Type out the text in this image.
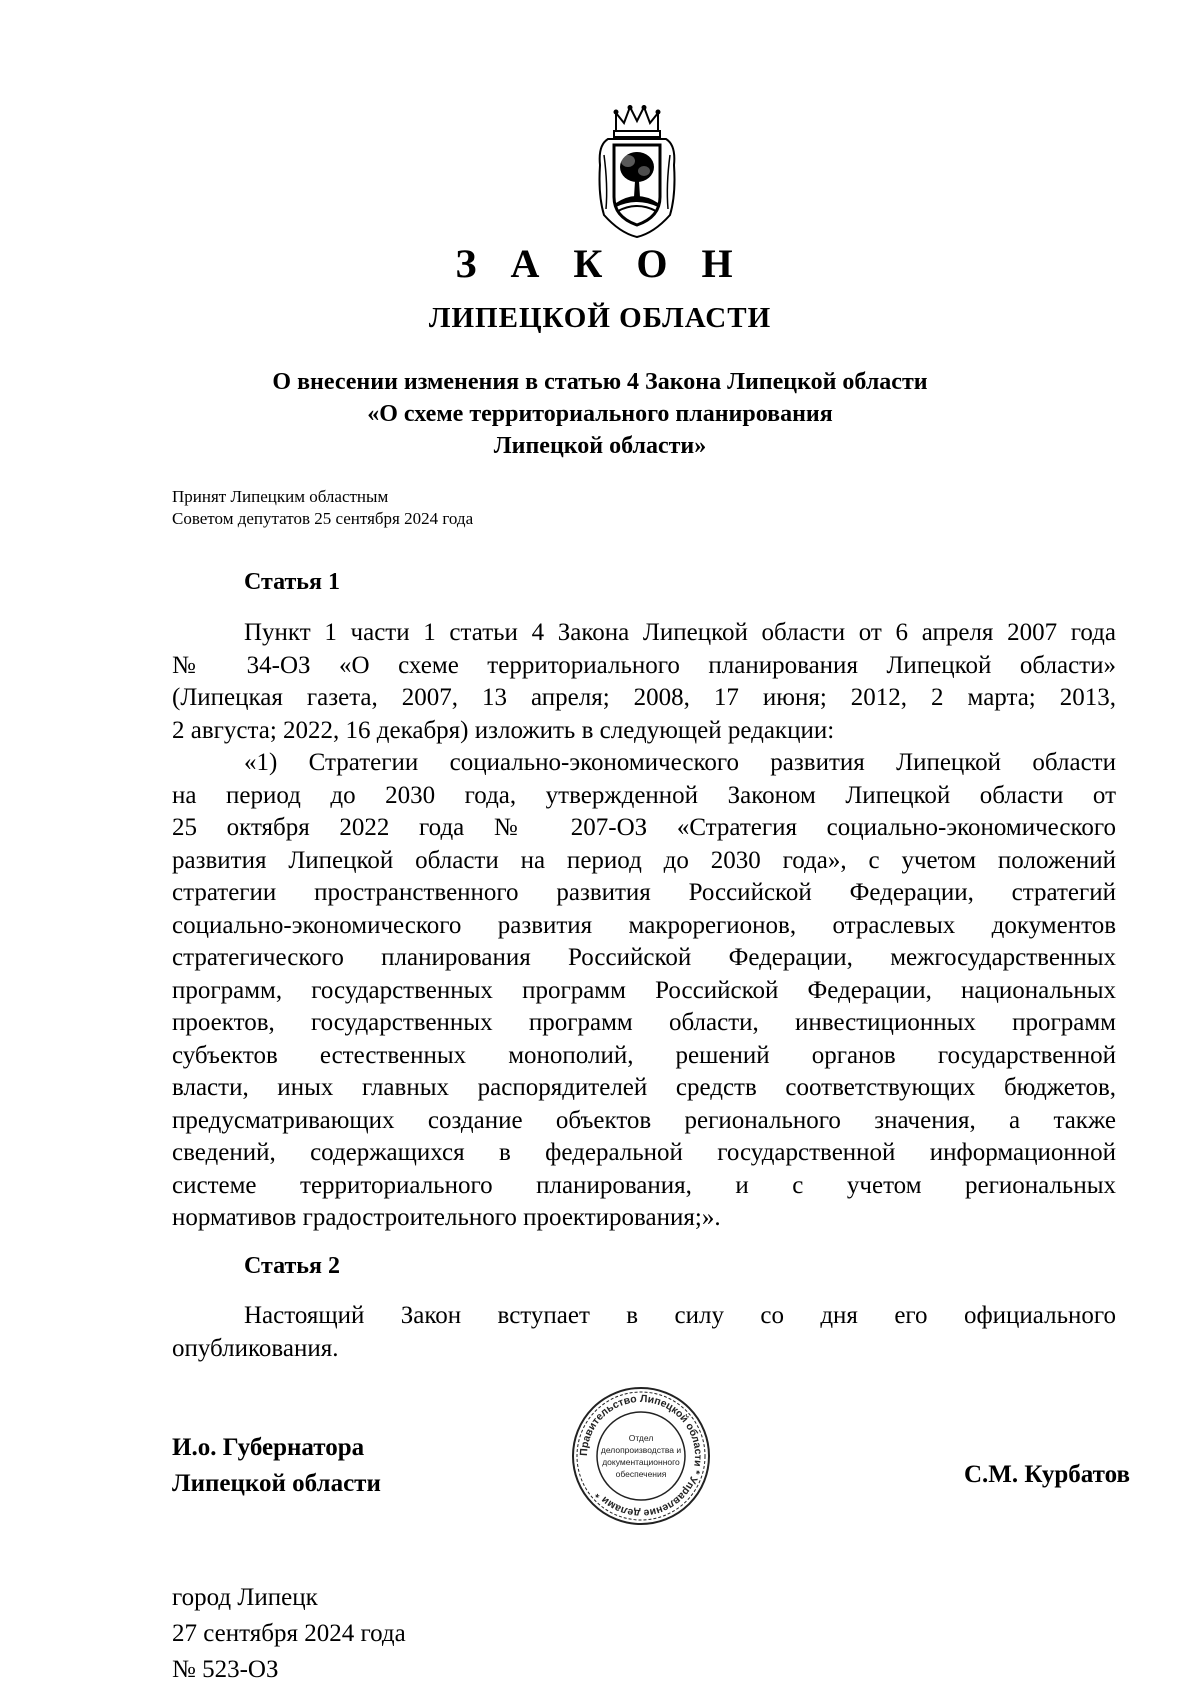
З А К О Н
ЛИПЕЦКОЙ ОБЛАСТИ
О внесении изменения в статью 4 Закона Липецкой области
«О схеме территориального планирования
Липецкой области»
Принят Липецким областным
Советом депутатов 25 сентября 2024 года
Статья 1
Пункт 1 части 1 статьи 4 Закона Липецкой области от 6 апреля 2007 года
№ 34-ОЗ «О схеме территориального планирования Липецкой области»
(Липецкая газета, 2007, 13 апреля; 2008, 17 июня; 2012, 2 марта; 2013,
2 августа; 2022, 16 декабря) изложить в следующей редакции:
«1) Стратегии социально-экономического развития Липецкой области
на период до 2030 года, утвержденной Законом Липецкой области от
25 октября 2022 года № 207-ОЗ «Стратегия социально-экономического
развития Липецкой области на период до 2030 года», с учетом положений
стратегии пространственного развития Российской Федерации, стратегий
социально-экономического развития макрорегионов, отраслевых документов
стратегического планирования Российской Федерации, межгосударственных
программ, государственных программ Российской Федерации, национальных
проектов, государственных программ области, инвестиционных программ
субъектов естественных монополий, решений органов государственной
власти, иных главных распорядителей средств соответствующих бюджетов,
предусматривающих создание объектов регионального значения, а также
сведений, содержащихся в федеральной государственной информационной
системе территориального планирования, и с учетом региональных
нормативов градостроительного проектирования;».
Статья 2
Настоящий Закон вступает в силу со дня его официального
опубликования.
И.о. Губернатора
Липецкой области
Правительство Липецкой области * Управление делами *
Отдел
делопроизводства и
документационного
обеспечения	С.М. Курбатов
город Липецк
27 сентября 2024 года
№ 523-ОЗ
